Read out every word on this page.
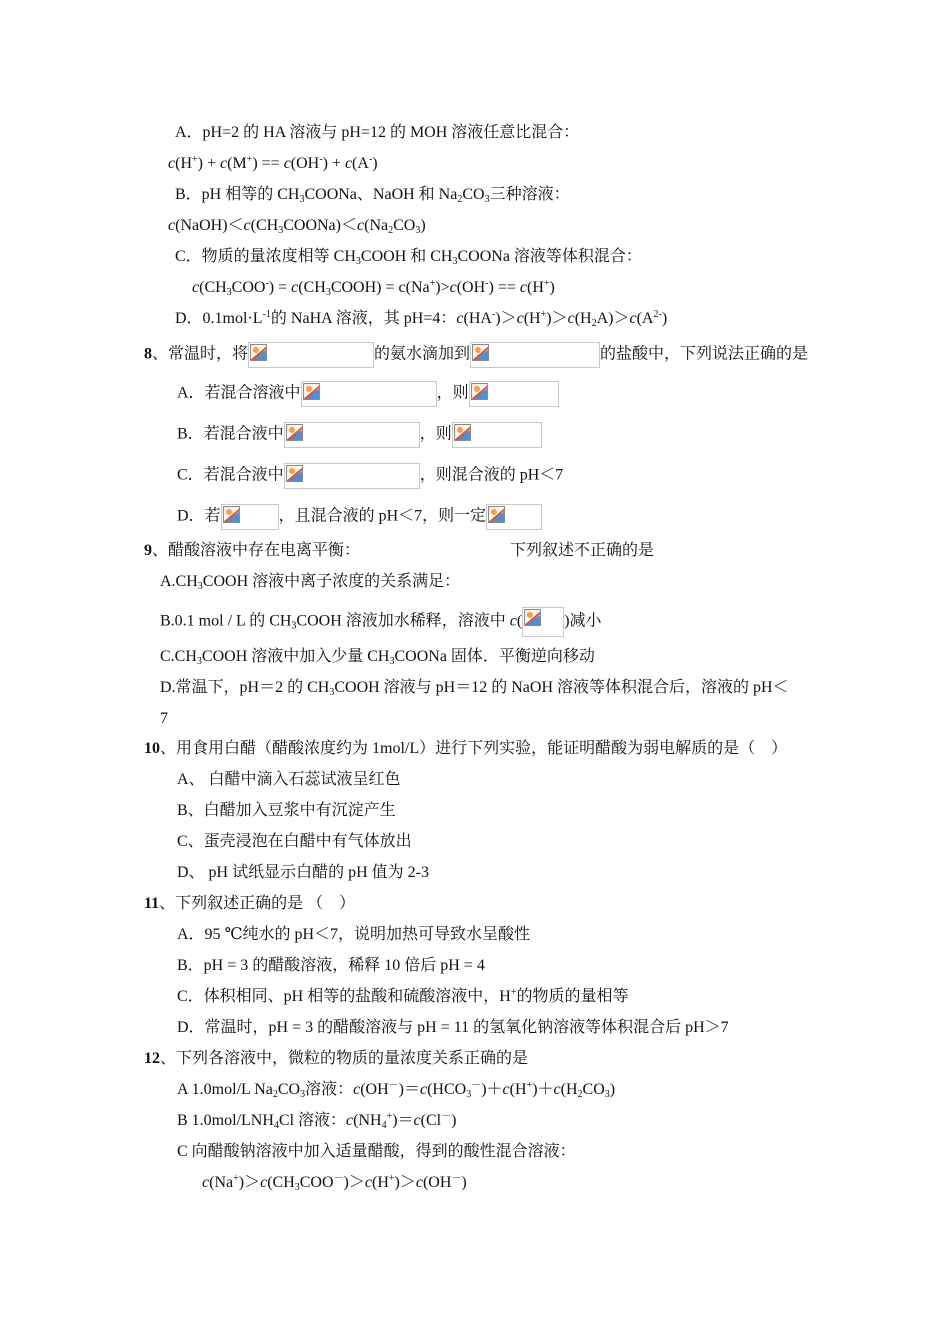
A．pH=2 的 HA 溶液与 pH=12 的 MOH 溶液任意比混合：
c(H+) + c(M+) == c(OH-) + c(A-)
B．pH 相等的 $CH_3COONa$、NaOH 和 $Na_2CO_3$三种溶液：
$c(NaOH)<c(CH_3COONa)<c(Na_2CO_3)$
C．物质的量浓度相等 $CH_3COOH$ 和 $CH_3COONa$ 溶液等体积混合：
$c(CH_3COO^-)$ = $c(CH_3COOH) = c(Na^+)>c(OH^-) == c(H^+)$
D．$0.1mol\cdot L^{-1}$的 NaHA 溶液，其 pH=4：$c(HA^-)>c(H^+)>c(H_2A)>c(A^{2-})$
8、常温时，将	的氨水滴加到	的盐酸中，下列说法正确的是
A．若混合溶液中	，则
B．若混合液中	，则
C．若混合液中	，则混合液的 pH＜7
D．若	，且混合液的 pH＜7，则一定
9、醋酸溶液中存在电离平衡：	下列叙述不正确的是
$A.CH_3COOH$ 溶液中离子浓度的关系满足：
B.0.1 mol / L 的 $CH_3COOH$ 溶液加水稀释，溶液中 c(	)减小
$C.CH_3COOH$ 溶液中加入少量 $CH_3COONa$ 固体．平衡逆向移动
D.常温下，pH＝2 的 $CH_3COOH$ 溶液与 pH＝12 的 NaOH 溶液等体积混合后，溶液的 pH＜
7
10、用食用白醋（醋酸浓度约为 1mol/L）进行下列实验，能证明醋酸为弱电解质的是（　）
A、 白醋中滴入石蕊试液呈红色
B、白醋加入豆浆中有沉淀产生
C、蛋壳浸泡在白醋中有气体放出
D、 pH 试纸显示白醋的 pH 值为 2-3
11、下列叙述正确的是 （　）
A．95 ℃纯水的 pH＜7，说明加热可导致水呈酸性
B．pH = 3 的醋酸溶液，稀释 10 倍后 pH = 4
C．体积相同、pH 相等的盐酸和硫酸溶液中，H+的物质的量相等
D．常温时，pH = 3 的醋酸溶液与 pH = 11 的氢氧化钠溶液等体积混合后 pH＞7
12、下列各溶液中，微粒的物质的量浓度关系正确的是
A 1.0mol/L $Na_2CO_3$溶液：$c(OH^-)=c(HCO_3^-)+c(H^+)+c(H_2CO_3)$
B $1.0mol/LNH_4Cl$ 溶液：$c(NH_4^+)=c(Cl^-)$
C 向醋酸钠溶液中加入适量醋酸，得到的酸性混合溶液：
$c(Na^+)>c(CH_3COO^-)>c(H^+)>c(OH^-)$
